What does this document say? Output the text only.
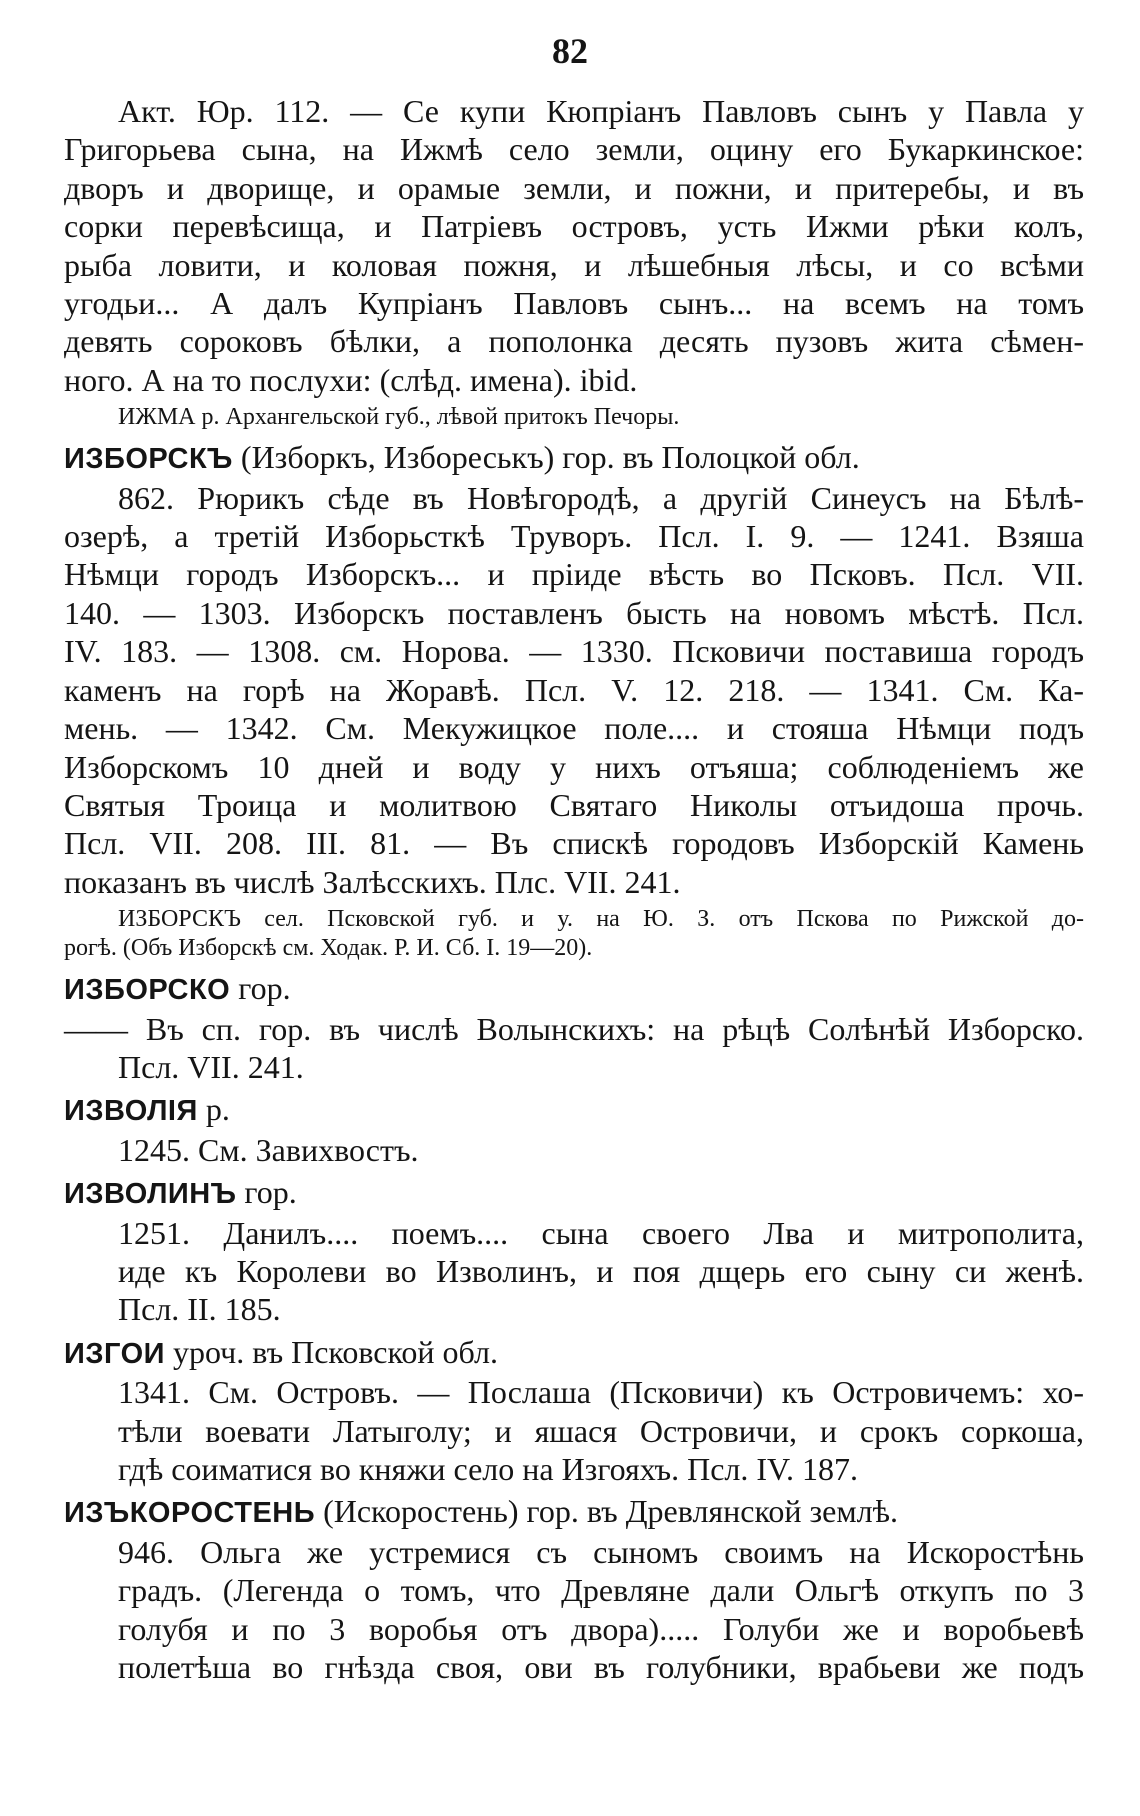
82
Акт. Юр. 112. — Се купи Кюпріанъ Павловъ сынъ у Павла у
Григорьева сына, на Ижмѣ село земли, оцину его Букаркинское:
дворъ и дворище, и орамые земли, и пожни, и притеребы, и въ
сорки перевѣсища, и Патріевъ островъ, усть Ижми рѣки колъ,
рыба ловити, и коловая пожня, и лѣшебныя лѣсы, и со всѣми
угодьи... А далъ Купріанъ Павловъ сынъ... на всемъ на томъ
девять сороковъ бѣлки, а пополонка десять пузовъ жита сѣмен-
ного. А на то послухи: (слѣд. имена). ibid.
ИЖМА р. Архангельской губ., лѣвой притокъ Печоры.
ИЗБОРСКЪ (Изборкъ, Избореськъ) гор. въ Полоцкой обл.
862. Рюрикъ сѣде въ Новѣгородѣ, а другій Синеусъ на Бѣлѣ-
озерѣ, а третій Изборьсткѣ Труворъ. Псл. I. 9. — 1241. Взяша
Нѣмци городъ Изборскъ... и пріиде вѣсть во Псковъ. Псл. VII.
140. — 1303. Изборскъ поставленъ бысть на новомъ мѣстѣ. Псл.
IV. 183. — 1308. см. Норова. — 1330. Псковичи поставиша городъ
каменъ на горѣ на Жоравѣ. Псл. V. 12. 218. — 1341. См. Ка-
мень. — 1342. См. Мекужицкое поле.... и стояша Нѣмци подъ
Изборскомъ 10 дней и воду у нихъ отъяша; соблюденіемъ же
Святыя Троица и молитвою Святаго Николы отъидоша прочь.
Псл. VII. 208. III. 81. — Въ спискѣ городовъ Изборскій Камень
показанъ въ числѣ Залѣсскихъ. Плс. VII. 241.
ИЗБОРСКЪ сел. Псковской губ. и у. на Ю. З. отъ Пскова по Рижской до-
рогѣ. (Объ Изборскѣ см. Ходак. Р. И. Сб. I. 19—20).
ИЗБОРСКО гор.
—— Въ сп. гор. въ числѣ Волынскихъ: на рѣцѣ Солѣнѣй Изборско.
Псл. VII. 241.
ИЗВОЛІЯ р.
1245. См. Завихвостъ.
ИЗВОЛИНЪ гор.
1251. Данилъ.... поемъ.... сына своего Лва и митрополита,
иде къ Королеви во Изволинъ, и поя дщерь его сыну си женѣ.
Псл. II. 185.
ИЗГОИ уроч. въ Псковской обл.
1341. См. Островъ. — Послаша (Псковичи) къ Островичемъ: хо-
тѣли воевати Латыголу; и яшася Островичи, и срокъ соркоша,
гдѣ соиматися во княжи село на Изгояхъ. Псл. IV. 187.
ИЗЪКОРОСТЕНЬ (Искоростень) гор. въ Древлянской землѣ.
946. Ольга же устремися съ сыномъ своимъ на Искоростѣнь
градъ. (Легенда о томъ, что Древляне дали Ольгѣ откупъ по 3
голубя и по 3 воробья отъ двора)..... Голуби же и воробьевѣ
полетѣша во гнѣзда своя, ови въ голубники, врабьеви же подъ
